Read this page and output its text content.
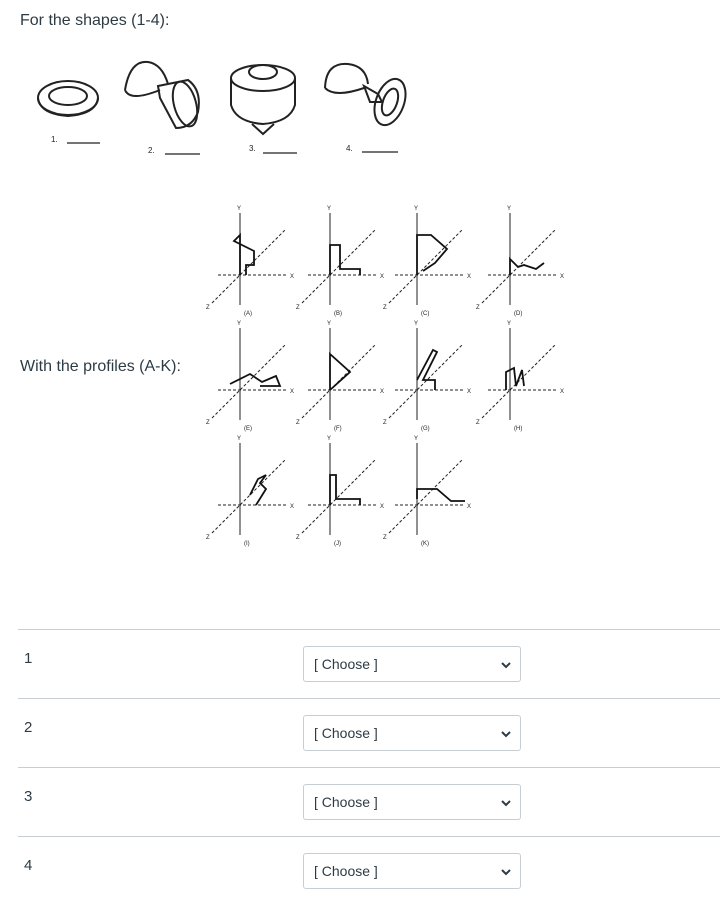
For the shapes (1-4):
1.
2.	3.	4.
With the profiles (A-K):
Y
X
Z
(A)
Y
X
Z
(B)
Y
X
Z
(C)
Y
X
Z
(D)
Y
X
Z
(E)
Y
X
Z
(F)
Y
X
Z
(G)
Y
X
Z
(H)
Y
X
Z
(I)
Y
X
Z
(J)
Y
X
Z
(K)
1	[ Choose ]
2	[ Choose ]
3	[ Choose ]
4	[ Choose ]
